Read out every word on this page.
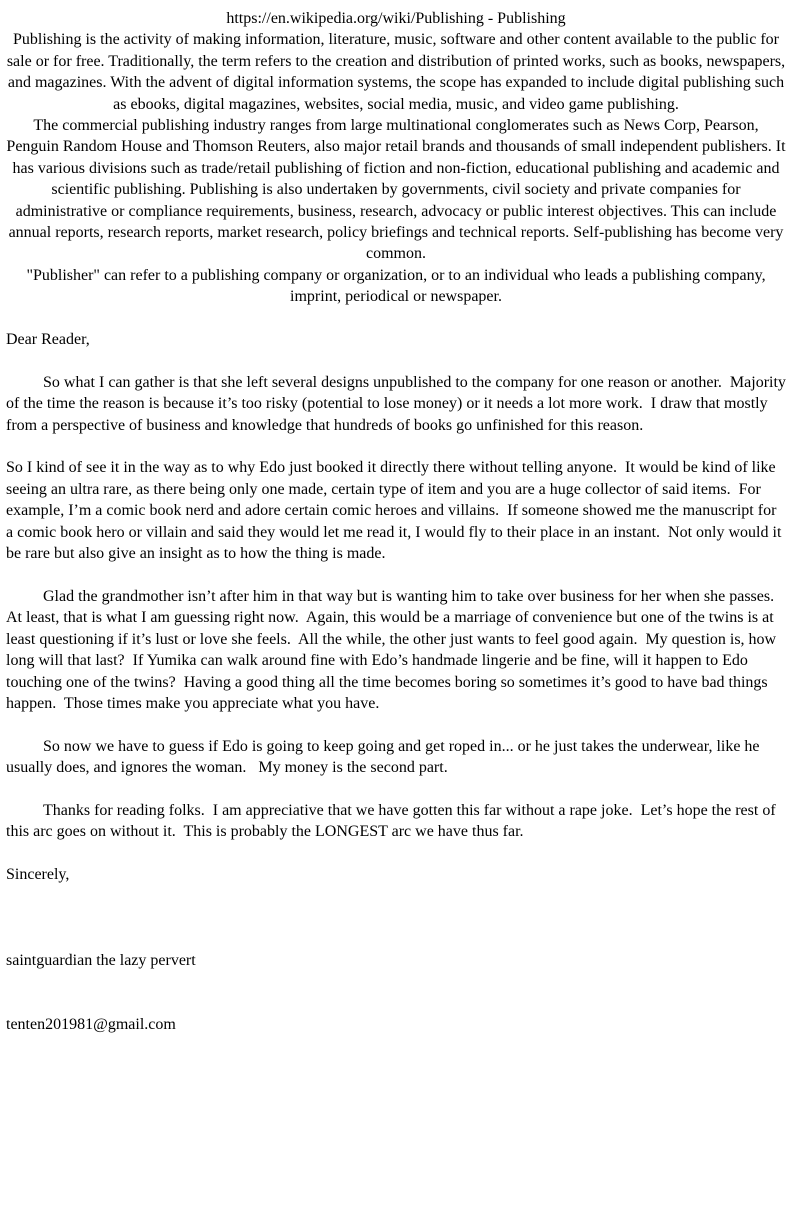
https://en.wikipedia.org/wiki/Publishing - Publishing

Publishing is the activity of making information, literature, music, software and other content available to the public for sale or for free. Traditionally, the term refers to the creation and distribution of printed works, such as books, newspapers, and magazines. With the advent of digital information systems, the scope has expanded to include digital publishing such as ebooks, digital magazines, websites, social media, music, and video game publishing.

The commercial publishing industry ranges from large multinational conglomerates such as News Corp, Pearson, Penguin Random House and Thomson Reuters, also major retail brands and thousands of small independent publishers. It has various divisions such as trade/retail publishing of fiction and non-fiction, educational publishing and academic and scientific publishing. Publishing is also undertaken by governments, civil society and private companies for administrative or compliance requirements, business, research, advocacy or public interest objectives. This can include annual reports, research reports, market research, policy briefings and technical reports. Self-publishing has become very common.

"Publisher" can refer to a publishing company or organization, or to an individual who leads a publishing company, imprint, periodical or newspaper.

Dear Reader,

So what I can gather is that she left several designs unpublished to the company for one reason or another.  Majority of the time the reason is because it’s too risky (potential to lose money) or it needs a lot more work.  I draw that mostly from a perspective of business and knowledge that hundreds of books go unfinished for this reason.

So I kind of see it in the way as to why Edo just booked it directly there without telling anyone.  It would be kind of like seeing an ultra rare, as there being only one made, certain type of item and you are a huge collector of said items.  For example, I’m a comic book nerd and adore certain comic heroes and villains.  If someone showed me the manuscript for a comic book hero or villain and said they would let me read it, I would fly to their place in an instant.  Not only would it be rare but also give an insight as to how the thing is made.

Glad the grandmother isn’t after him in that way but is wanting him to take over business for her when she passes.  At least, that is what I am guessing right now.  Again, this would be a marriage of convenience but one of the twins is at least questioning if it’s lust or love she feels.  All the while, the other just wants to feel good again.  My question is, how long will that last?  If Yumika can walk around fine with Edo’s handmade lingerie and be fine, will it happen to Edo touching one of the twins?  Having a good thing all the time becomes boring so sometimes it’s good to have bad things happen.  Those times make you appreciate what you have.

So now we have to guess if Edo is going to keep going and get roped in... or he just takes the underwear, like he usually does, and ignores the woman.   My money is the second part.

Thanks for reading folks.  I am appreciative that we have gotten this far without a rape joke.  Let’s hope the rest of this arc goes on without it.  This is probably the LONGEST arc we have thus far.

Sincerely,

saintguardian the lazy pervert

tenten201981@gmail.com
